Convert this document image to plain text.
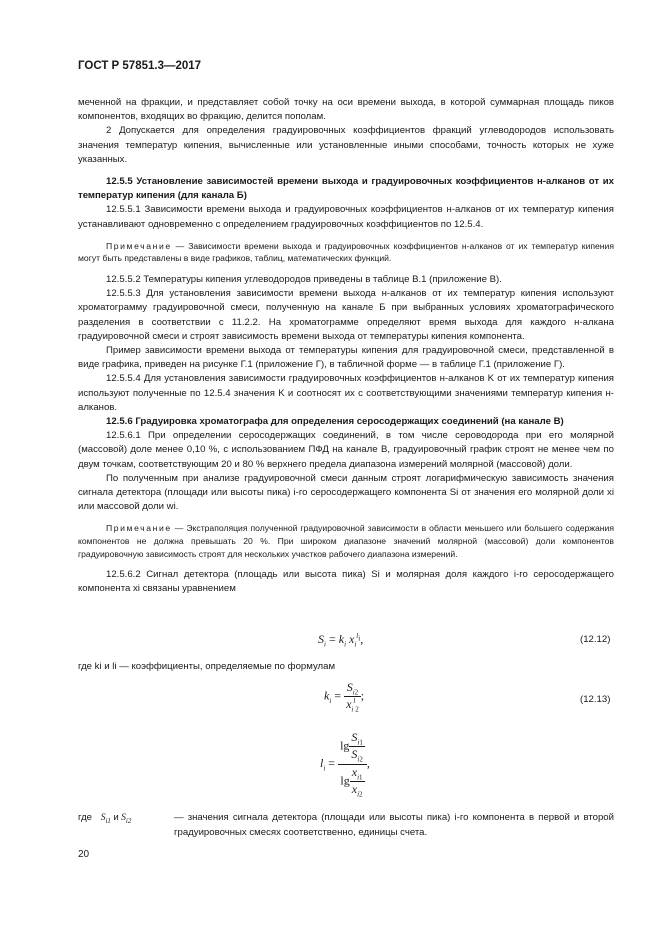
ГОСТ Р 57851.3—2017

меченной на фракции, и представляет собой точку на оси времени выхода, в которой суммарная площадь пиков компонентов, входящих во фракцию, делится пополам.

2 Допускается для определения градуировочных коэффициентов фракций углеводородов использовать значения температур кипения, вычисленные или установленные иными способами, точность которых не хуже указанных.

12.5.5 Установление зависимостей времени выхода и градуировочных коэффициентов н-алканов от их температур кипения (для канала Б)

12.5.5.1 Зависимости времени выхода и градуировочных коэффициентов н-алканов от их температур кипения устанавливают одновременно с определением градуировочных коэффициентов по 12.5.4.

Примечание — Зависимости времени выхода и градуировочных коэффициентов н-алканов от их температур кипения могут быть представлены в виде графиков, таблиц, математических функций.

12.5.5.2 Температуры кипения углеводородов приведены в таблице В.1 (приложение В).

12.5.5.3 Для установления зависимости времени выхода н-алканов от их температур кипения используют хроматограмму градуировочной смеси, полученную на канале Б при выбранных условиях хроматографического разделения в соответствии с 11.2.2. На хроматограмме определяют время выхода для каждого н-алкана градуировочной смеси и строят зависимость времени выхода от температуры кипения компонента.

Пример зависимости времени выхода от температуры кипения для градуировочной смеси, представленной в виде графика, приведен на рисунке Г.1 (приложение Г), в табличной форме — в таблице Г.1 (приложение Г).

12.5.5.4 Для установления зависимости градуировочных коэффициентов н-алканов K от их температур кипения используют полученные по 12.5.4 значения K и соотносят их с соответствующими значениями температур кипения н-алканов.

12.5.6 Градуировка хроматографа для определения серосодержащих соединений (на канале В)

12.5.6.1 При определении серосодержащих соединений, в том числе сероводорода при его молярной (массовой) доле менее 0,10 %, с использованием ПФД на канале В, градуировочный график строят не менее чем по двум точкам, соответствующим 20 и 80 % верхнего предела диапазона измерений молярной (массовой) доли.

По полученным при анализе градуировочной смеси данным строят логарифмическую зависимость значения сигнала детектора (площади или высоты пика) i-го серосодержащего компонента Si от значения его молярной доли xi или массовой доли wi.

Примечание — Экстраполяция полученной градуировочной зависимости в области меньшего или большего содержания компонентов не должна превышать 20 %. При широком диапазоне значений молярной (массовой) доли компонентов градуировочную зависимость строят для нескольких участков рабочего диапазона измерений.

12.5.6.2 Сигнал детектора (площадь или высота пика) Si и молярная доля каждого i-го серосодержащего компонента xi связаны уравнением

$S_i = k_i$ $x_i^{l_i}$,	(12.12)

где ki и li — коэффициенты, определяемые по формулам

$k_i = \frac{S_{i2}}{x_i^l_2}$ ;	(12.13)
$l_i = \frac{\lg \frac{S_{i1}}{S_{i2}}}{\lg \frac{x_{i1}}{x_{i2}}}$ ,
где $S_{i1}$ и $S_{i2}$	— значения сигнала детектора (площади или высоты пика) i-го компонента в первой и второй градуировочных смесях соответственно, единицы счета.
20
